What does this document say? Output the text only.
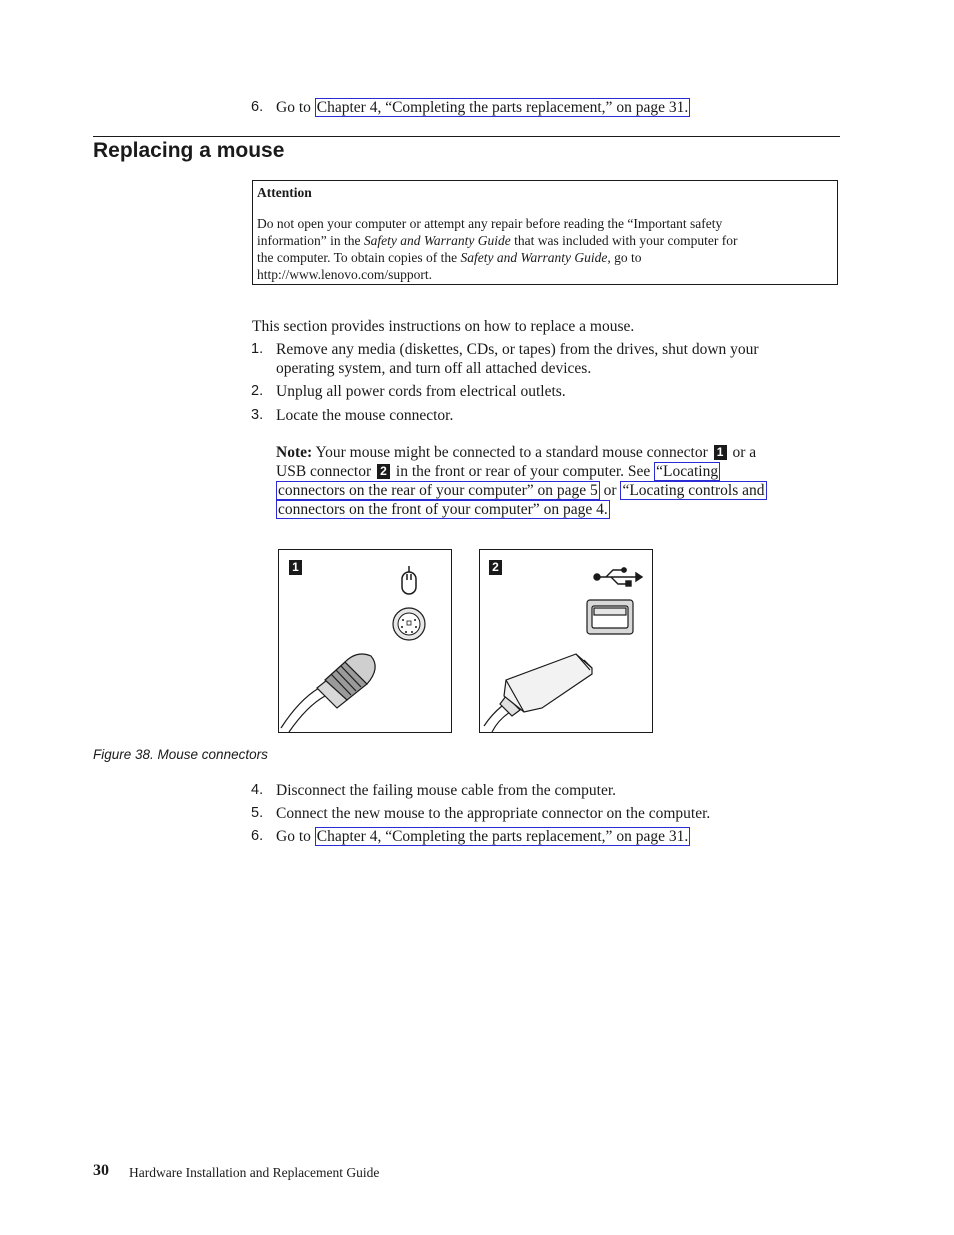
6. Go to Chapter 4, “Completing the parts replacement,” on page 31.
Replacing a mouse
Attention
Do not open your computer or attempt any repair before reading the “Important safety
information” in the Safety and Warranty Guide that was included with your computer for
the computer. To obtain copies of the Safety and Warranty Guide, go to
http://www.lenovo.com/support.
This section provides instructions on how to replace a mouse.
1. Remove any media (diskettes, CDs, or tapes) from the drives, shut down your
operating system, and turn off all attached devices.
2. Unplug all power cords from electrical outlets.
3. Locate the mouse connector.
Note: Your mouse might be connected to a standard mouse connector 1 or a
USB connector 2 in the front or rear of your computer. See “Locating
connectors on the rear of your computer” on page 5 or “Locating controls and
connectors on the front of your computer” on page 4.
1	2
Figure 38. Mouse connectors
4. Disconnect the failing mouse cable from the computer.
5. Connect the new mouse to the appropriate connector on the computer.
6. Go to Chapter 4, “Completing the parts replacement,” on page 31.
30 Hardware Installation and Replacement Guide
